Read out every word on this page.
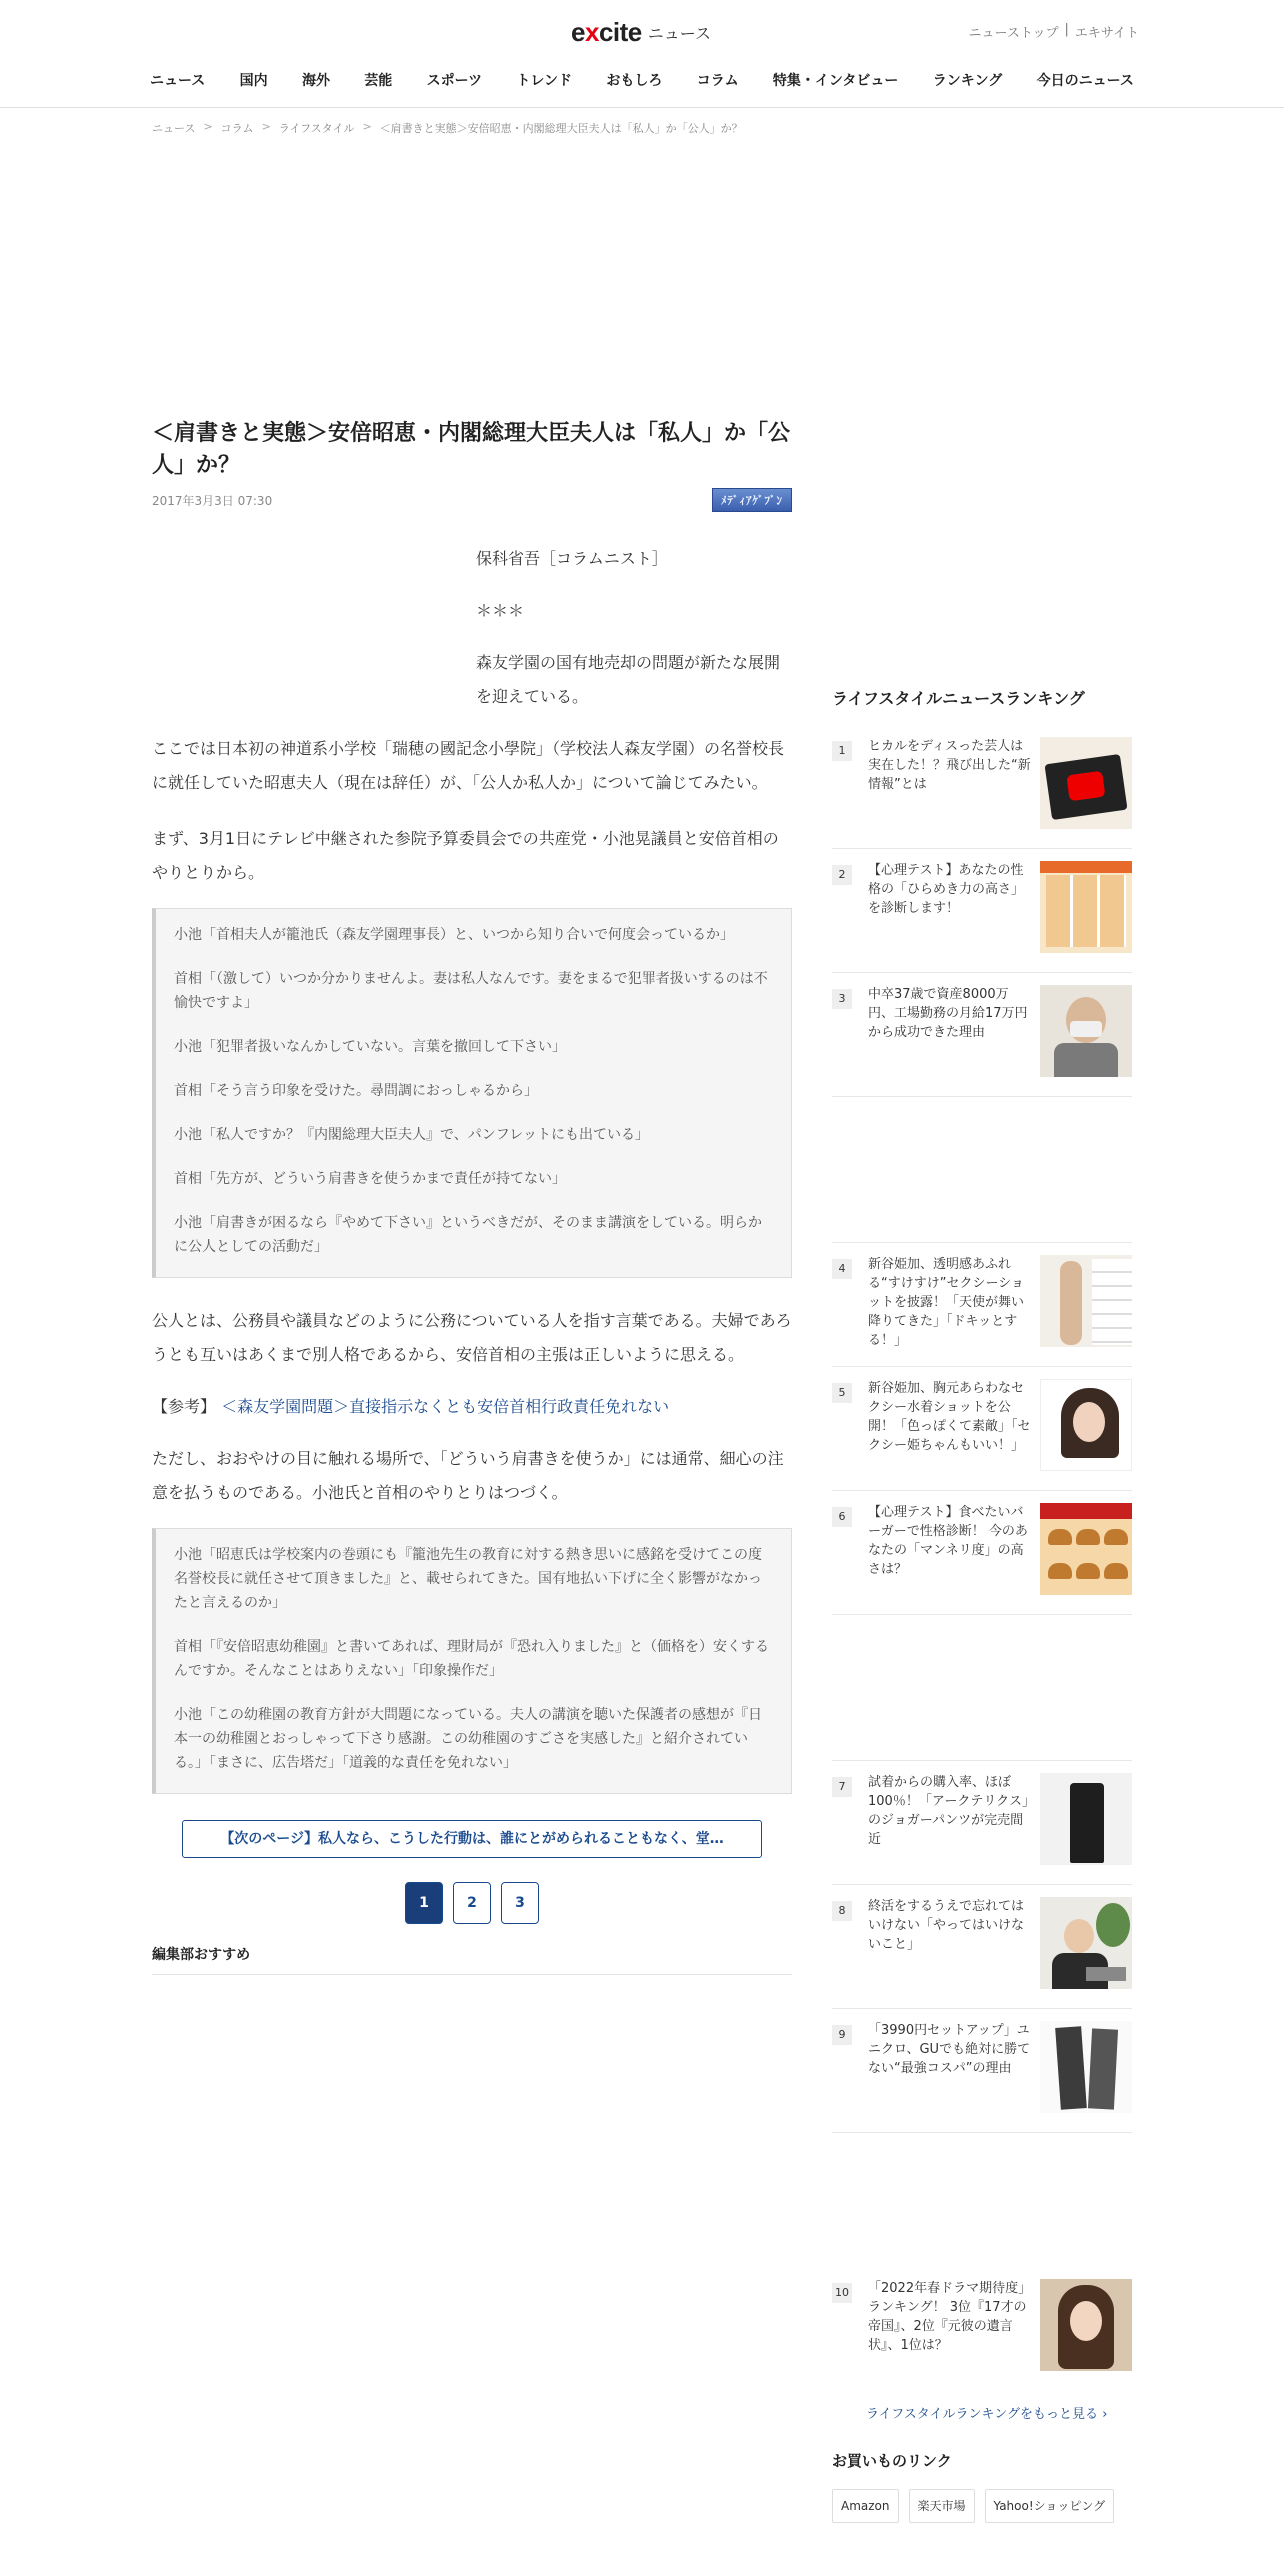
excite ニュース	ニューストップ | エキサイト
ニュース 国内 海外 芸能 スポーツ トレンド おもしろ コラム 特集・インタビュー ランキング 今日のニュース
ニュース > コラム > ライフスタイル > ＜肩書きと実態＞安倍昭恵・内閣総理大臣夫人は「私人」か「公人」か？
＜肩書きと実態＞安倍昭恵・内閣総理大臣夫人は「私人」か「公人」か？
2017年3月3日 07:30	ﾒﾃﾞｨｱｹﾞﾌﾞﾝ

保科省吾［コラムニスト］

＊＊＊

森友学園の国有地売却の問題が新たな展開を迎えている。

ここでは日本初の神道系小学校「瑞穂の國記念小學院」（学校法人森友学園）の名誉校長に就任していた昭恵夫人（現在は辞任）が、「公人か私人か」について論じてみたい。

まず、3月1日にテレビ中継された参院予算委員会での共産党・小池晃議員と安倍首相のやりとりから。

小池「首相夫人が籠池氏（森友学園理事長）と、いつから知り合いで何度会っているか」

首相「（激して）いつか分かりませんよ。妻は私人なんです。妻をまるで犯罪者扱いするのは不愉快ですよ」

小池「犯罪者扱いなんかしていない。言葉を撤回して下さい」

首相「そう言う印象を受けた。尋問調におっしゃるから」

小池「私人ですか？『内閣総理大臣夫人』で、パンフレットにも出ている」

首相「先方が、どういう肩書きを使うかまで責任が持てない」

小池「肩書きが困るなら『やめて下さい』というべきだが、そのまま講演をしている。明らかに公人としての活動だ」

公人とは、公務員や議員などのように公務についている人を指す言葉である。夫婦であろうとも互いはあくまで別人格であるから、安倍首相の主張は正しいように思える。

【参考】 ＜森友学園問題＞直接指示なくとも安倍首相行政責任免れない

ただし、おおやけの目に触れる場所で、「どういう肩書きを使うか」には通常、細心の注意を払うものである。小池氏と首相のやりとりはつづく。

小池「昭恵氏は学校案内の巻頭にも『籠池先生の教育に対する熱き思いに感銘を受けてこの度名誉校長に就任させて頂きました』と、載せられてきた。国有地払い下げに全く影響がなかったと言えるのか」

首相「『安倍昭恵幼稚園』と書いてあれば、理財局が『恐れ入りました』と（価格を）安くするんですか。そんなことはありえない」「印象操作だ」

小池「この幼稚園の教育方針が大問題になっている。夫人の講演を聴いた保護者の感想が『日本一の幼稚園とおっしゃって下さり感謝。この幼稚園のすごさを実感した』と紹介されている。」「まさに、広告塔だ」「道義的な責任を免れない」

【次のページ】私人なら、こうした行動は、誰にとがめられることもなく、堂…
1	2	3
編集部おすすめ
ライフスタイルニュースランキング
1	ヒカルをディスった芸人は実在した！？飛び出した“新情報”とは
2	【心理テスト】あなたの性格の「ひらめき力の高さ」を診断します！
3	中卒37歳で資産8000万円、工場勤務の月給17万円から成功できた理由
4	新谷姫加、透明感あふれる“すけすけ”セクシーショットを披露！「天使が舞い降りてきた」「ドキッとする！」
5	新谷姫加、胸元あらわなセクシー水着ショットを公開！「色っぽくて素敵」「セクシー姫ちゃんもいい！」
6	【心理テスト】食べたいバーガーで性格診断！ 今のあなたの「マンネリ度」の高さは？
7	試着からの購入率、ほぼ100％！「アークテリクス」のジョガーパンツが完売間近
8	終活をするうえで忘れてはいけない「やってはいけないこと」
9	「3990円セットアップ」ユニクロ、GUでも絶対に勝てない“最強コスパ”の理由
10 「2022年春ドラマ期待度」ランキング！ 3位『17才の帝国』、2位『元彼の遺言状』、1位は？
ライフスタイルランキングをもっと見る ›
お買いものリンク
Amazon	楽天市場	Yahoo!ショッピング
